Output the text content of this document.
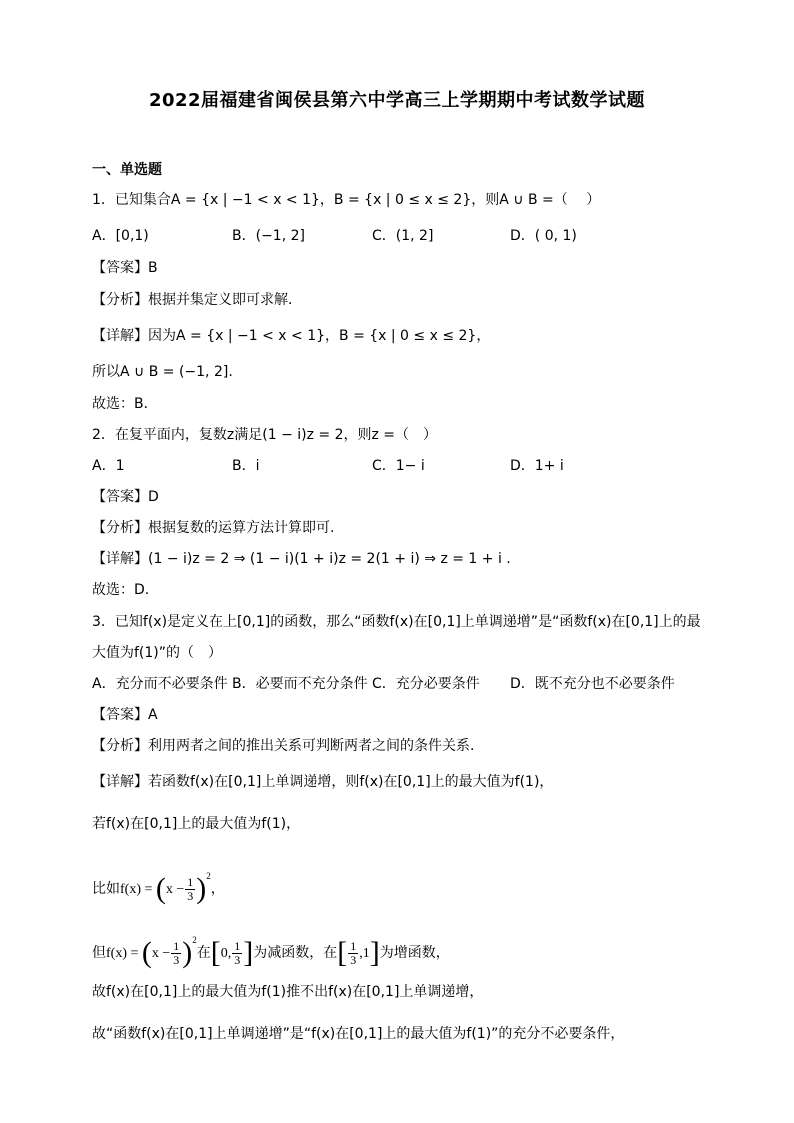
2022届福建省闽侯县第六中学高三上学期期中考试数学试题
一、单选题
1．已知集合A = {x | −1 < x < 1}，B = {x | 0 ≤ x ≤ 2}，则A ∪ B =（　 ）
A．[0,1)	B．(−1, 2]	C．(1, 2]	D．( 0, 1)
【答案】B
【分析】根据并集定义即可求解．
【详解】因为A = {x | −1 < x < 1}，B = {x | 0 ≤ x ≤ 2}，
所以A ∪ B = (−1, 2].
故选：B．
2．在复平面内，复数z满足(1 − i)z = 2，则z =（　）
A．1	B．i	C．1− i	D．1+ i
【答案】D
【分析】根据复数的运算方法计算即可.
【详解】(1 − i)z = 2 ⇒ (1 − i)(1 + i)z = 2(1 + i) ⇒ z = 1 + i .
故选：D.
3．已知f(x)是定义在上[0,1]的函数，那么“函数f(x)在[0,1]上单调递增”是“函数f(x)在[0,1]上的最
大值为f(1)”的（　）
A．充分而不必要条件 B．必要而不充分条件 C．充分必要条件 D．既不充分也不必要条件
【答案】A
【分析】利用两者之间的推出关系可判断两者之间的条件关系.
【详解】若函数f(x)在[0,1]上单调递增，则f(x)在[0,1]上的最大值为f(1)，
若f(x)在[0,1]上的最大值为f(1)，
比如$f(x) = (x - \frac{1}{3} )^2$，
但$f(x) = (x - \frac{1}{3} )^2$在[0, $\frac{1}{3}$ ]为减函数，在[ $\frac{1}{3} ,1$]为增函数，
故f(x)在[0,1]上的最大值为f(1)推不出f(x)在[0,1]上单调递增，
故“函数f(x)在[0,1]上单调递增”是“f(x)在[0,1]上的最大值为f(1)”的充分不必要条件，
